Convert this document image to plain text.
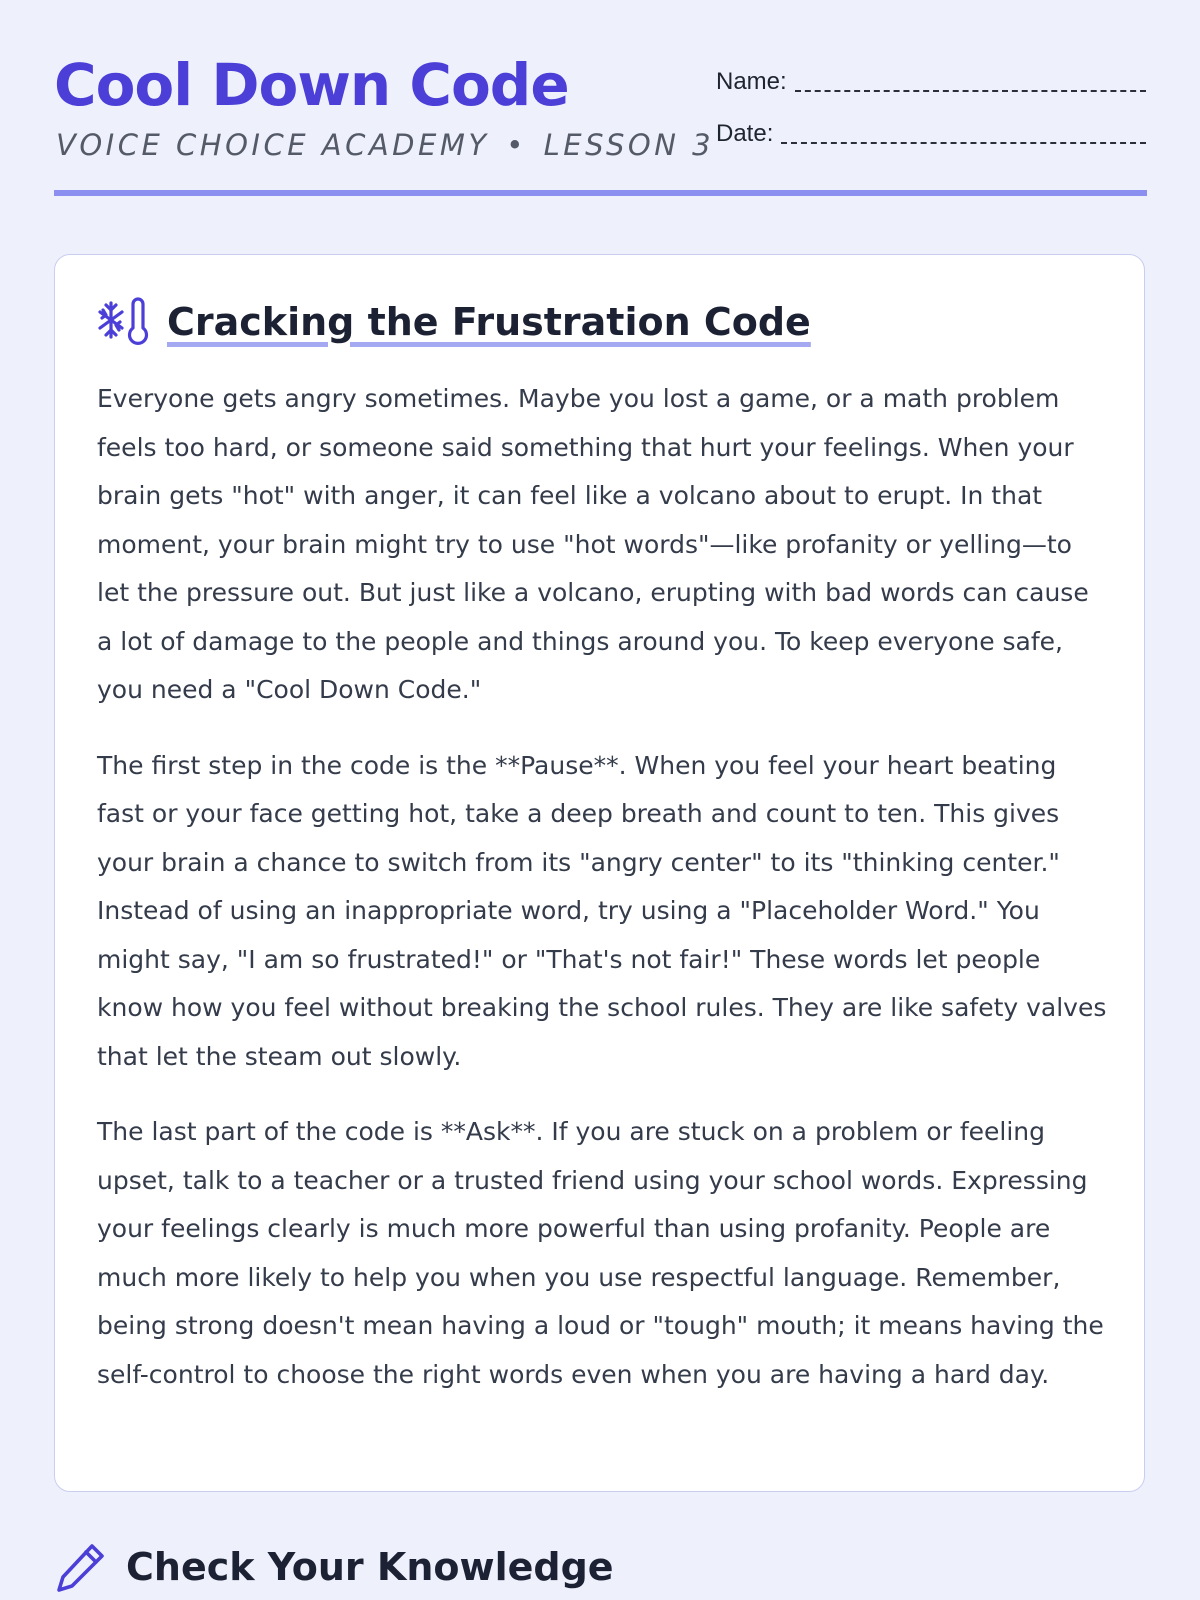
Cool Down Code
VOICE CHOICE ACADEMY • LESSON 3
Name:
Date:
Cracking the Frustration Code

Everyone gets angry sometimes. Maybe you lost a game, or a math problem feels too hard, or someone said something that hurt your feelings. When your brain gets "hot" with anger, it can feel like a volcano about to erupt. In that moment, your brain might try to use "hot words"—like profanity or yelling—to let the pressure out. But just like a volcano, erupting with bad words can cause a lot of damage to the people and things around you. To keep everyone safe, you need a "Cool Down Code."

The first step in the code is the **Pause**. When you feel your heart beating fast or your face getting hot, take a deep breath and count to ten. This gives your brain a chance to switch from its "angry center" to its "thinking center." Instead of using an inappropriate word, try using a "Placeholder Word." You might say, "I am so frustrated!" or "That's not fair!" These words let people know how you feel without breaking the school rules. They are like safety valves that let the steam out slowly.

The last part of the code is **Ask**. If you are stuck on a problem or feeling upset, talk to a teacher or a trusted friend using your school words. Expressing your feelings clearly is much more powerful than using profanity. People are much more likely to help you when you use respectful language. Remember, being strong doesn't mean having a loud or "tough" mouth; it means having the self-control to choose the right words even when you are having a hard day.

Check Your Knowledge
